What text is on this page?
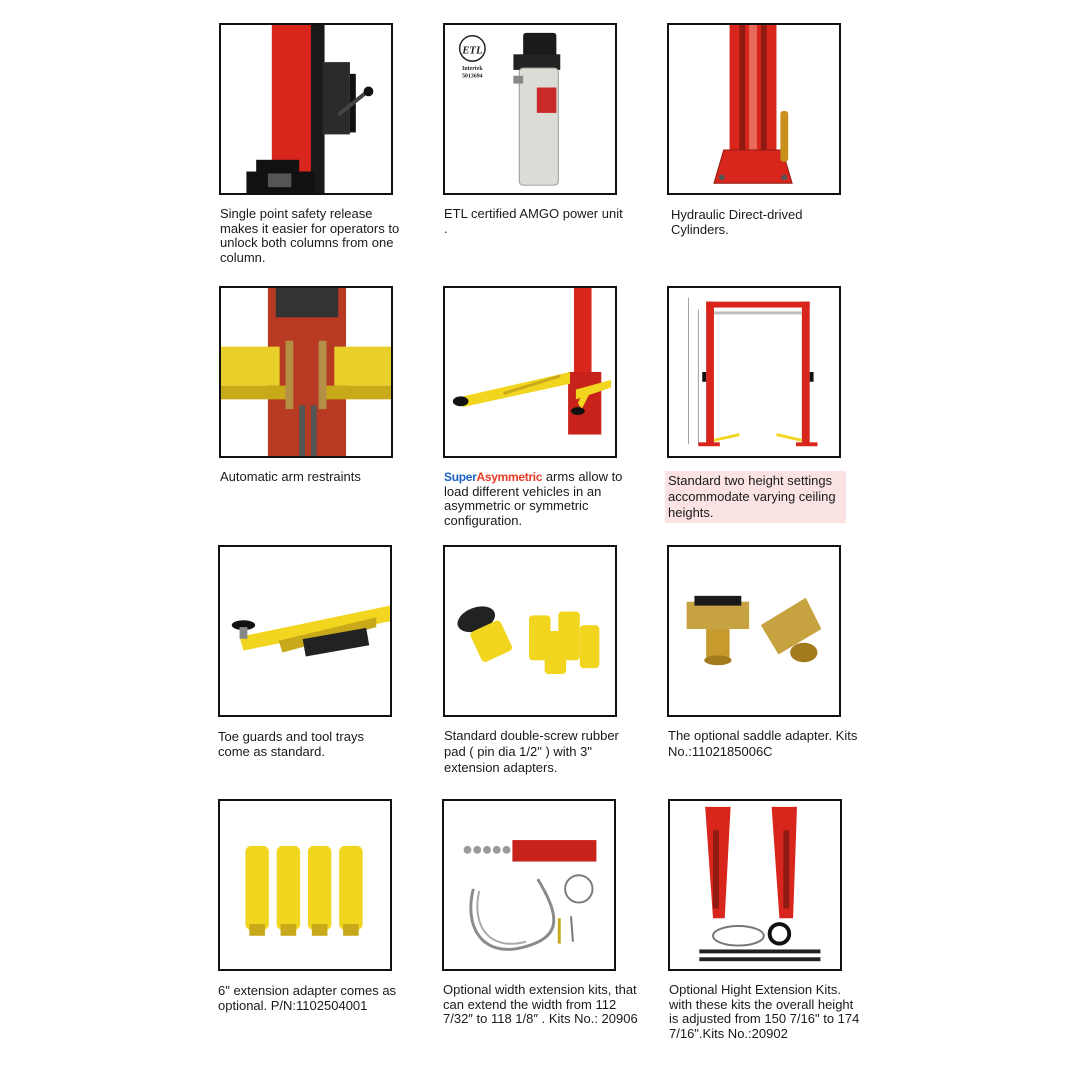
Single point safety release makes it easier for operators to unlock both columns from one column.

ETL
Intertek
5013694

ETL certified AMGO power unit .

Hydraulic Direct-drived Cylinders.

Automatic arm restraints	SuperAsymmetric arms allow to load different vehicles in an asymmetric or symmetric configuration.

Standard two height settings accommodate varying ceiling heights.

Toe guards and tool trays come as standard.

Standard double-screw rubber pad ( pin dia 1/2" ) with 3" extension adapters.

The optional saddle adapter. Kits No.:1102185006C

6" extension adapter comes as optional. P/N:1102504001

Optional width extension kits, that can extend the width from 112 7/32″ to 118 1/8″ . Kits No.: 20906

Optional Hight Extension Kits. with these kits the overall height is adjusted from 150 7/16" to 174 7/16".Kits No.:20902
